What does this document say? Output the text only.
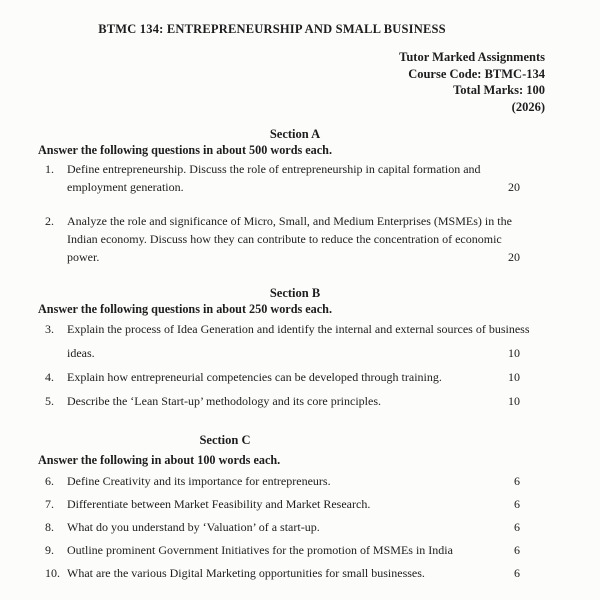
BTMC 134: ENTREPRENEURSHIP AND SMALL BUSINESS
Tutor Marked Assignments
Course Code: BTMC-134
Total Marks: 100
(2026)
Section A

Answer the following questions in about 500 words each.

1.	Define entrepreneurship. Discuss the role of entrepreneurship in capital formation and employment generation.	20
2.	Analyze the role and significance of Micro, Small, and Medium Enterprises (MSMEs) in the Indian economy. Discuss how they can contribute to reduce the concentration of economic power.	20
Section B

Answer the following questions in about 250 words each.

3.	Explain the process of Idea Generation and identify the internal and external sources of business ideas.	10
4.	Explain how entrepreneurial competencies can be developed through training.	10
5.	Describe the ‘Lean Start-up’ methodology and its core principles.	10
Section C

Answer the following in about 100 words each.

6.	Define Creativity and its importance for entrepreneurs.	6
7.	Differentiate between Market Feasibility and Market Research.	6
8.	What do you understand by ‘Valuation’ of a start-up.	6
9.	Outline prominent Government Initiatives for the promotion of MSMEs in India	6
10. What are the various Digital Marketing opportunities for small businesses.	6
